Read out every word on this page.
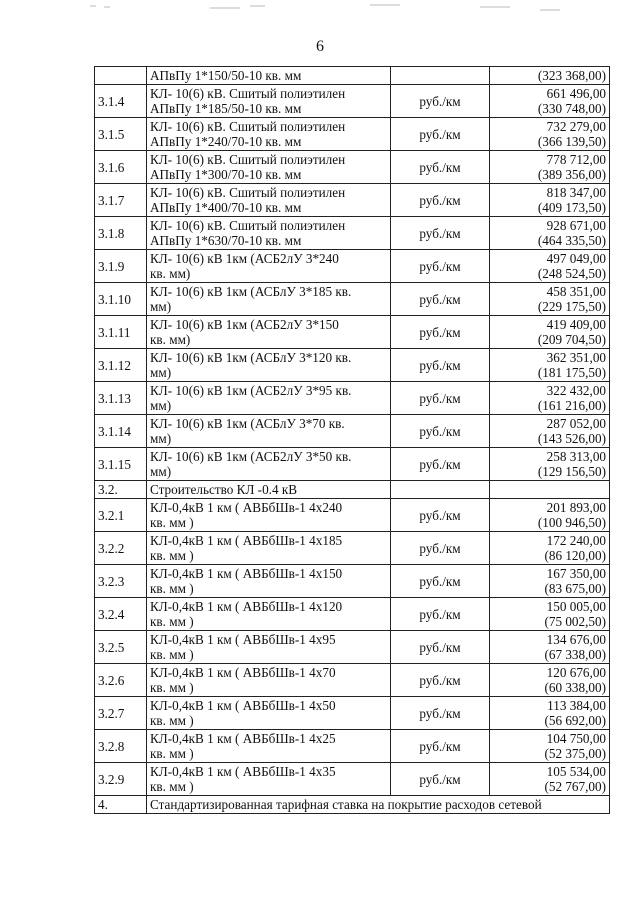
6

	АПвПу 1*150/50-10 кв. мм		(323 368,00)

3.1.4	КЛ- 10(6) кВ. Сшитый полиэтилен
АПвПу 1*185/50-10 кв. мм	руб./км	661 496,00
(330 748,00)

3.1.5	КЛ- 10(6) кВ. Сшитый полиэтилен
АПвПу 1*240/70-10 кв. мм	руб./км	732 279,00
(366 139,50)

3.1.6	КЛ- 10(6) кВ. Сшитый полиэтилен
АПвПу 1*300/70-10 кв. мм	руб./км	778 712,00
(389 356,00)

3.1.7	КЛ- 10(6) кВ. Сшитый полиэтилен
АПвПу 1*400/70-10 кв. мм	руб./км	818 347,00
(409 173,50)

3.1.8	КЛ- 10(6) кВ. Сшитый полиэтилен
АПвПу 1*630/70-10 кв. мм	руб./км	928 671,00
(464 335,50)

3.1.9	КЛ- 10(6) кВ 1км (АСБ2лУ 3*240
кв. мм)	руб./км	497 049,00
(248 524,50)

3.1.10	КЛ- 10(6) кВ 1км (АСБлУ 3*185 кв.
мм)	руб./км	458 351,00
(229 175,50)

3.1.11	КЛ- 10(6) кВ 1км (АСБ2лУ 3*150
кв. мм)	руб./км	419 409,00
(209 704,50)

3.1.12	КЛ- 10(6) кВ 1км (АСБлУ 3*120 кв.
мм)	руб./км	362 351,00
(181 175,50)

3.1.13	КЛ- 10(6) кВ 1км (АСБ2лУ 3*95 кв.
мм)	руб./км	322 432,00
(161 216,00)

3.1.14	КЛ- 10(6) кВ 1км (АСБлУ 3*70 кв.
мм)	руб./км	287 052,00
(143 526,00)

3.1.15	КЛ- 10(6) кВ 1км (АСБ2лУ 3*50 кв.
мм)	руб./км	258 313,00
(129 156,50)

3.2.	Строительство КЛ -0.4 кВ		
3.2.1	КЛ-0,4кВ 1 км ( АВБбШв-1 4х240
кв. мм )	руб./км	201 893,00
(100 946,50)

3.2.2	КЛ-0,4кВ 1 км ( АВБбШв-1 4х185
кв. мм )	руб./км	172 240,00
(86 120,00)

3.2.3	КЛ-0,4кВ 1 км ( АВБбШв-1 4х150
кв. мм )	руб./км	167 350,00
(83 675,00)

3.2.4	КЛ-0,4кВ 1 км ( АВБбШв-1 4х120
кв. мм )	руб./км	150 005,00
(75 002,50)

3.2.5	КЛ-0,4кВ 1 км ( АВБбШв-1 4х95
кв. мм )	руб./км	134 676,00
(67 338,00)

3.2.6	КЛ-0,4кВ 1 км ( АВБбШв-1 4х70
кв. мм )	руб./км	120 676,00
(60 338,00)

3.2.7	КЛ-0,4кВ 1 км ( АВБбШв-1 4х50
кв. мм )	руб./км	113 384,00
(56 692,00)

3.2.8	КЛ-0,4кВ 1 км ( АВБбШв-1 4х25
кв. мм )	руб./км	104 750,00
(52 375,00)

3.2.9	КЛ-0,4кВ 1 км ( АВБбШв-1 4х35
кв. мм )	руб./км	105 534,00
(52 767,00)

4.	Стандартизированная тарифная ставка на покрытие расходов сетевой		
